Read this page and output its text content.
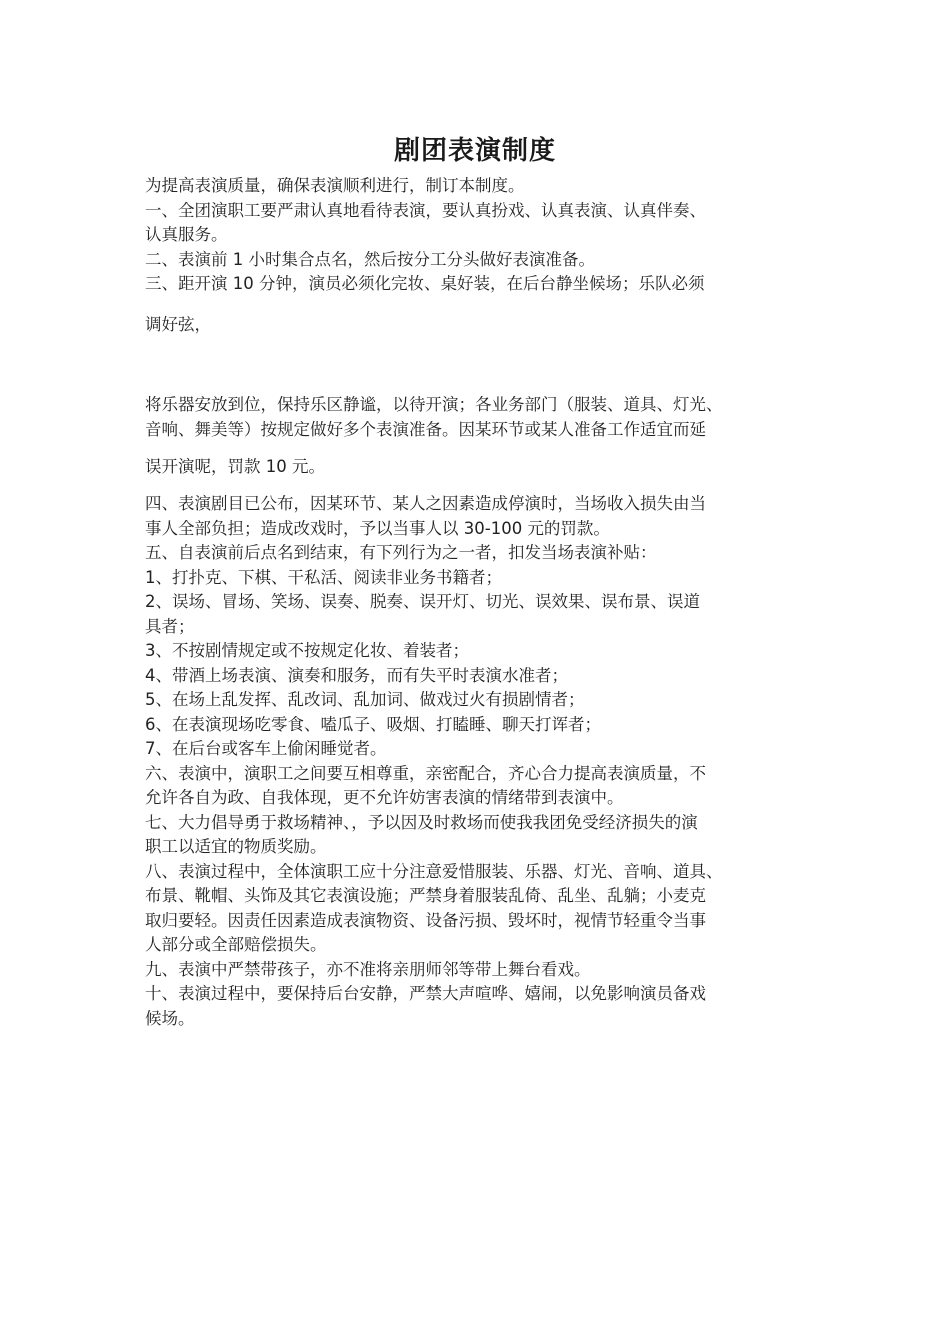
剧团表演制度
为提高表演质量，确保表演顺利进行，制订本制度。
一、全团演职工要严肃认真地看待表演，要认真扮戏、认真表演、认真伴奏、
认真服务。
二、表演前 1 小时集合点名，然后按分工分头做好表演准备。
三、距开演 10 分钟，演员必须化完妆、桌好装，在后台静坐候场；乐队必须
调好弦，
将乐器安放到位，保持乐区静谧，以待开演；各业务部门（服装、道具、灯光、
音响、舞美等）按规定做好多个表演准备。因某环节或某人准备工作适宜而延
误开演呢，罚款 10 元。
四、表演剧目已公布，因某环节、某人之因素造成停演时，当场收入损失由当
事人全部负担；造成改戏时，予以当事人以 30-100 元的罚款。
五、自表演前后点名到结束，有下列行为之一者，扣发当场表演补贴：
1、打扑克、下棋、干私活、阅读非业务书籍者；
2、误场、冒场、笑场、误奏、脱奏、误开灯、切光、误效果、误布景、误道
具者；
3、不按剧情规定或不按规定化妆、着装者；
4、带酒上场表演、演奏和服务，而有失平时表演水准者；
5、在场上乱发挥、乱改词、乱加词、做戏过火有损剧情者；
6、在表演现场吃零食、嗑瓜子、吸烟、打瞌睡、聊天打诨者；
7、在后台或客车上偷闲睡觉者。
六、表演中，演职工之间要互相尊重，亲密配合，齐心合力提高表演质量，不
允许各自为政、自我体现，更不允许妨害表演的情绪带到表演中。
七、大力倡导勇于救场精神、，予以因及时救场而使我我团免受经济损失的演
职工以适宜的物质奖励。
八、表演过程中，全体演职工应十分注意爱惜服装、乐器、灯光、音响、道具、
布景、靴帽、头饰及其它表演设施；严禁身着服装乱倚、乱坐、乱躺；小麦克
取归要轻。因责任因素造成表演物资、设备污损、毁坏时，视情节轻重令当事
人部分或全部赔偿损失。
九、表演中严禁带孩子，亦不准将亲朋师邻等带上舞台看戏。
十、表演过程中，要保持后台安静，严禁大声喧哗、嬉闹，以免影响演员备戏
候场。
